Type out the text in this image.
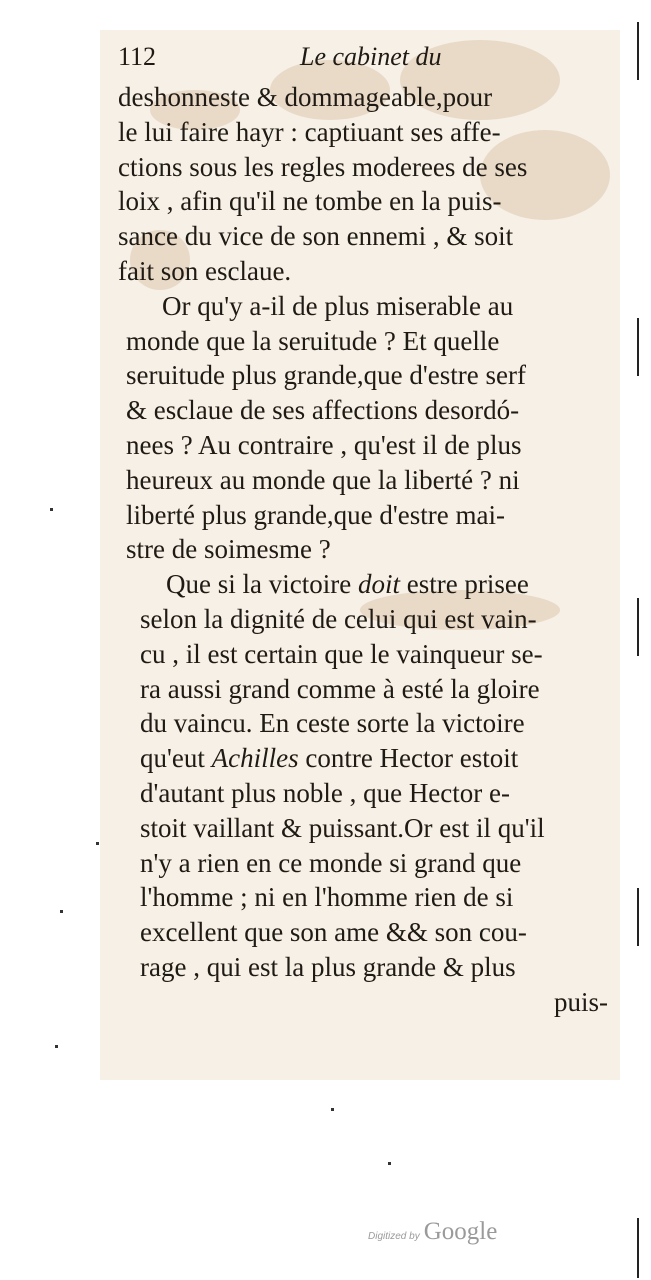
112	Le cabinet du
deshonneste & dommageable,pour
le lui faire hayr : captiuant ses affe-
ctions sous les regles moderees de ses
loix , afin qu'il ne tombe en la puis-
sance du vice de son ennemi , & soit
fait son esclaue.
Or qu'y a-il de plus miserable au
monde que la seruitude ? Et quelle
seruitude plus grande,que d'estre serf
& esclaue de ses affections desordó-
nees ? Au contraire , qu'est il de plus
heureux au monde que la liberté ? ni
liberté plus grande,que d'estre mai-
stre de soimesme ?
Que si la victoire doit estre prisee
selon la dignité de celui qui est vain-
cu , il est certain que le vainqueur se-
ra aussi grand comme à esté la gloire
du vaincu. En ceste sorte la victoire
qu'eut Achilles contre Hector estoit
d'autant plus noble , que Hector e-
stoit vaillant & puissant.Or est il qu'il
n'y a rien en ce monde si grand que
l'homme ; ni en l'homme rien de si
excellent que son ame && son cou-
rage , qui est la plus grande & plus
puis-
Digitized by Google
